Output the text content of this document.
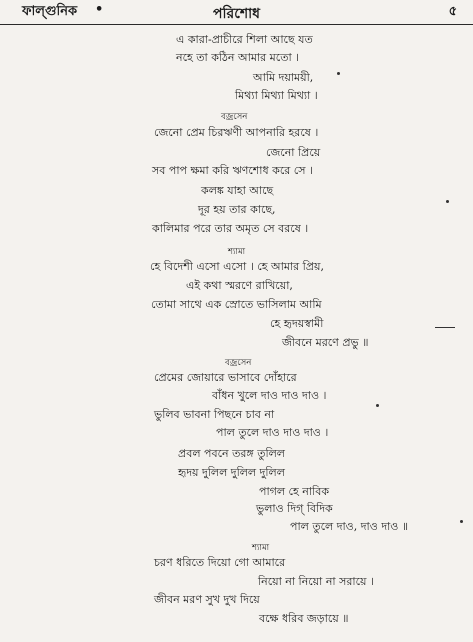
ফাল্গুনিক •	পরিশোধ	৫
এ কারা-প্রাচীরে শিলা আছে যত
নহে তা কঠিন আমার মতো ।
আমি দয়াময়ী,
মিথ্যা মিথ্যা মিথ্যা ।
বজ্রসেন
জেনো প্রেম চিরঋণী আপনারি হরষে ।
জেনো প্রিয়ে
সব পাপ ক্ষমা করি ঋণশোধ করে সে ।
কলঙ্ক যাহা আছে
দূর হয় তার কাছে,
কালিমার পরে তার অমৃত সে বরষে ।
শ্যামা
হে বিদেশী এসো এসো । হে আমার প্রিয়,
এই কথা স্মরণে রাখিয়ো,
তোমা সাথে এক স্রোতে ভাসিলাম আমি
হে হৃদয়স্বামী
জীবনে মরণে প্রভু ॥
বজ্রসেন
প্রেমের জোয়ারে ভাসাবে দোঁহারে
বাঁধন খুলে দাও দাও দাও ।
ভুলিব ভাবনা পিছনে চাব না
পাল তুলে দাও দাও দাও ।
প্রবল পবনে তরঙ্গ তুলিল
হৃদয় দুলিল দুলিল দুলিল
পাগল হে নাবিক
ভুলাও দিগ্‌ বিদিক
পাল তুলে দাও, দাও দাও ॥
শ্যামা
চরণ ধরিতে দিয়ো গো আমারে
নিয়ো না নিয়ো না সরায়ে ।
জীবন মরণ সুখ দুখ দিয়ে
বক্ষে ধরিব জড়ায়ে ॥
